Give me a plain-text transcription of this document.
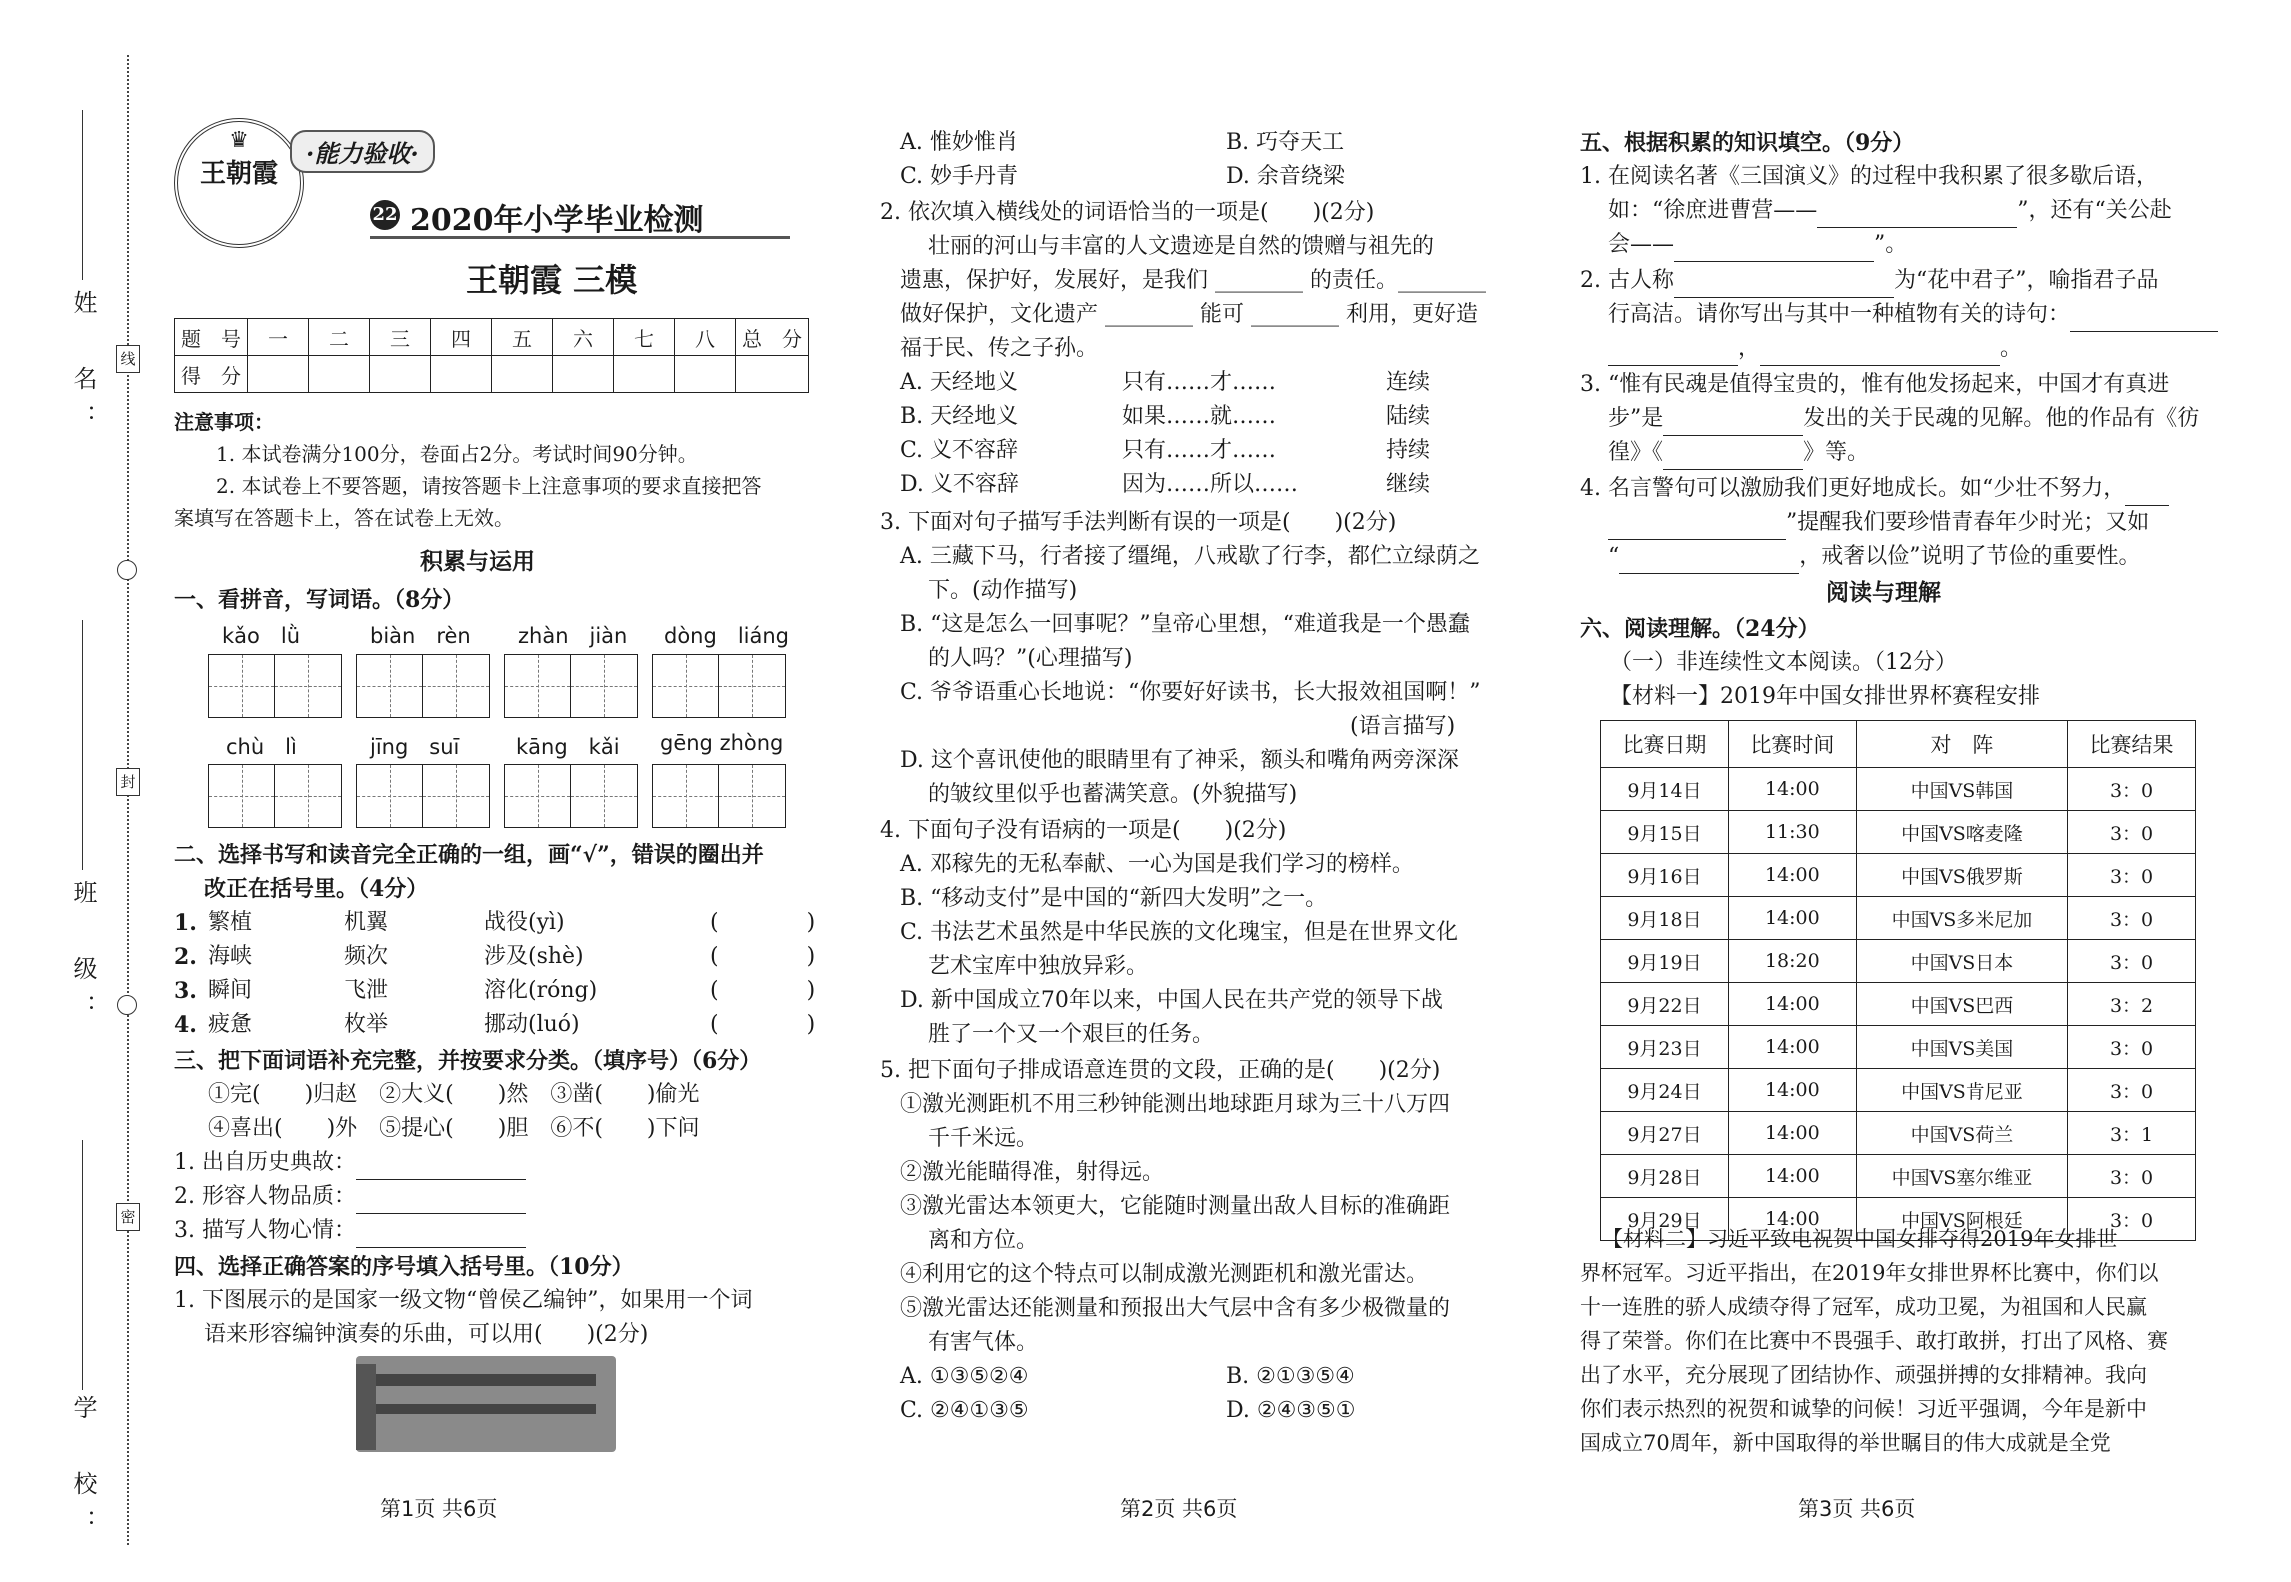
姓　名：
班　级：
学　校：
线
封
密
♛
王朝霞
·能力验收·
22 2020年小学毕业检测
王朝霞 三模
题　号	一	二	三	四	五	六	七	八	总　分
得　分									
注意事项：
1. 本试卷满分100分，卷面占2分。考试时间90分钟。
2. 本试卷上不要答题，请按答题卡上注意事项的要求直接把答
案填写在答题卡上，答在试卷上无效。
积累与运用
一、看拼音，写词语。（8分）
kǎo　lǜ	biàn　rèn zhàn　jiàn dòng　liáng
chù　lì	jīng　suī	kāng　kǎi gēng zhòng
二、选择书写和读音完全正确的一组，画“√”，错误的圈出并
改正在括号里。（4分）
1. 繁植	机翼	战役(yì)	(　　　　)
2. 海峡	频次	涉及(shè)	(　　　　)
3. 瞬间	飞泄	溶化(róng)	(　　　　)
4. 疲惫	枚举	挪动(luó)	(　　　　)
三、把下面词语补充完整，并按要求分类。（填序号）（6分）
①完(　　)归赵　②大义(　　)然　③凿(　　)偷光
④喜出(　　)外　⑤提心(　　)胆　⑥不(　　)下问
1. 出自历史典故：
2. 形容人物品质：
3. 描写人物心情：
四、选择正确答案的序号填入括号里。（10分）
1. 下图展示的是国家一级文物“曾侯乙编钟”，如果用一个词
语来形容编钟演奏的乐曲，可以用(　　)(2分)
第1页 共6页
A. 惟妙惟肖	B. 巧夺天工
C. 妙手丹青	D. 余音绕梁
2. 依次填入横线处的词语恰当的一项是(　　)(2分)
壮丽的河山与丰富的人文遗迹是自然的馈赠与祖先的
遗惠，保护好，发展好，是我们 ________ 的责任。________
做好保护，文化遗产 ________ 能可 ________ 利用，更好造
福于民、传之子孙。
A. 天经地义	只有……才……	连续
B. 天经地义	如果……就……	陆续
C. 义不容辞	只有……才……	持续
D. 义不容辞	因为……所以……	继续
3. 下面对句子描写手法判断有误的一项是(　　)(2分)
A. 三藏下马，行者接了缰绳，八戒歇了行李，都伫立绿荫之
下。(动作描写)
B. “这是怎么一回事呢？”皇帝心里想，“难道我是一个愚蠢
的人吗？”(心理描写)
C. 爷爷语重心长地说：“你要好好读书，长大报效祖国啊！”
(语言描写)
D. 这个喜讯使他的眼睛里有了神采，额头和嘴角两旁深深
的皱纹里似乎也蓄满笑意。(外貌描写)
4. 下面句子没有语病的一项是(　　)(2分)
A. 邓稼先的无私奉献、一心为国是我们学习的榜样。
B. “移动支付”是中国的“新四大发明”之一。
C. 书法艺术虽然是中华民族的文化瑰宝，但是在世界文化
艺术宝库中独放异彩。
D. 新中国成立70年以来，中国人民在共产党的领导下战
胜了一个又一个艰巨的任务。
5. 把下面句子排成语意连贯的文段，正确的是(　　)(2分)
①激光测距机不用三秒钟能测出地球距月球为三十八万四
千千米远。
②激光能瞄得准，射得远。
③激光雷达本领更大，它能随时测量出敌人目标的准确距
离和方位。
④利用它的这个特点可以制成激光测距机和激光雷达。
⑤激光雷达还能测量和预报出大气层中含有多少极微量的
有害气体。
A. ①③⑤②④	B. ②①③⑤④
C. ②④①③⑤	D. ②④③⑤①
第2页 共6页
五、根据积累的知识填空。（9分）
1. 在阅读名著《三国演义》的过程中我积累了很多歇后语，
如：“徐庶进曹营——	”，还有“关公赴
会——	”。
2. 古人称	为“花中君子”，喻指君子品
行高洁。请你写出与其中一种植物有关的诗句：
，	。
3. “惟有民魂是值得宝贵的，惟有他发扬起来，中国才有真进
步”是	发出的关于民魂的见解。他的作品有《彷
徨》《	》等。
4. 名言警句可以激励我们更好地成长。如“少壮不努力，
”提醒我们要珍惜青春年少时光；又如
“	，戒奢以俭”说明了节俭的重要性。
阅读与理解
六、阅读理解。（24分）
（一）非连续性文本阅读。（12分）
【材料一】2019年中国女排世界杯赛程安排
比赛日期	比赛时间	对　阵	比赛结果
9月14日	14:00	中国VS韩国	3：0
9月15日	11:30	中国VS喀麦隆	3：0
9月16日	14:00	中国VS俄罗斯	3：0
9月18日	14:00	中国VS多米尼加	3：0
9月19日	18:20	中国VS日本	3：0
9月22日	14:00	中国VS巴西	3：2
9月23日	14:00	中国VS美国	3：0
9月24日	14:00	中国VS肯尼亚	3：0
9月27日	14:00	中国VS荷兰	3：1
9月28日	14:00	中国VS塞尔维亚	3：0
9月29日	14:00	中国VS阿根廷	3：0
【材料二】习近平致电祝贺中国女排夺得2019年女排世
界杯冠军。习近平指出，在2019年女排世界杯比赛中，你们以
十一连胜的骄人成绩夺得了冠军，成功卫冕，为祖国和人民赢
得了荣誉。你们在比赛中不畏强手、敢打敢拼，打出了风格、赛
出了水平，充分展现了团结协作、顽强拼搏的女排精神。我向
你们表示热烈的祝贺和诚挚的问候！习近平强调，今年是新中
国成立70周年，新中国取得的举世瞩目的伟大成就是全党
第3页 共6页
